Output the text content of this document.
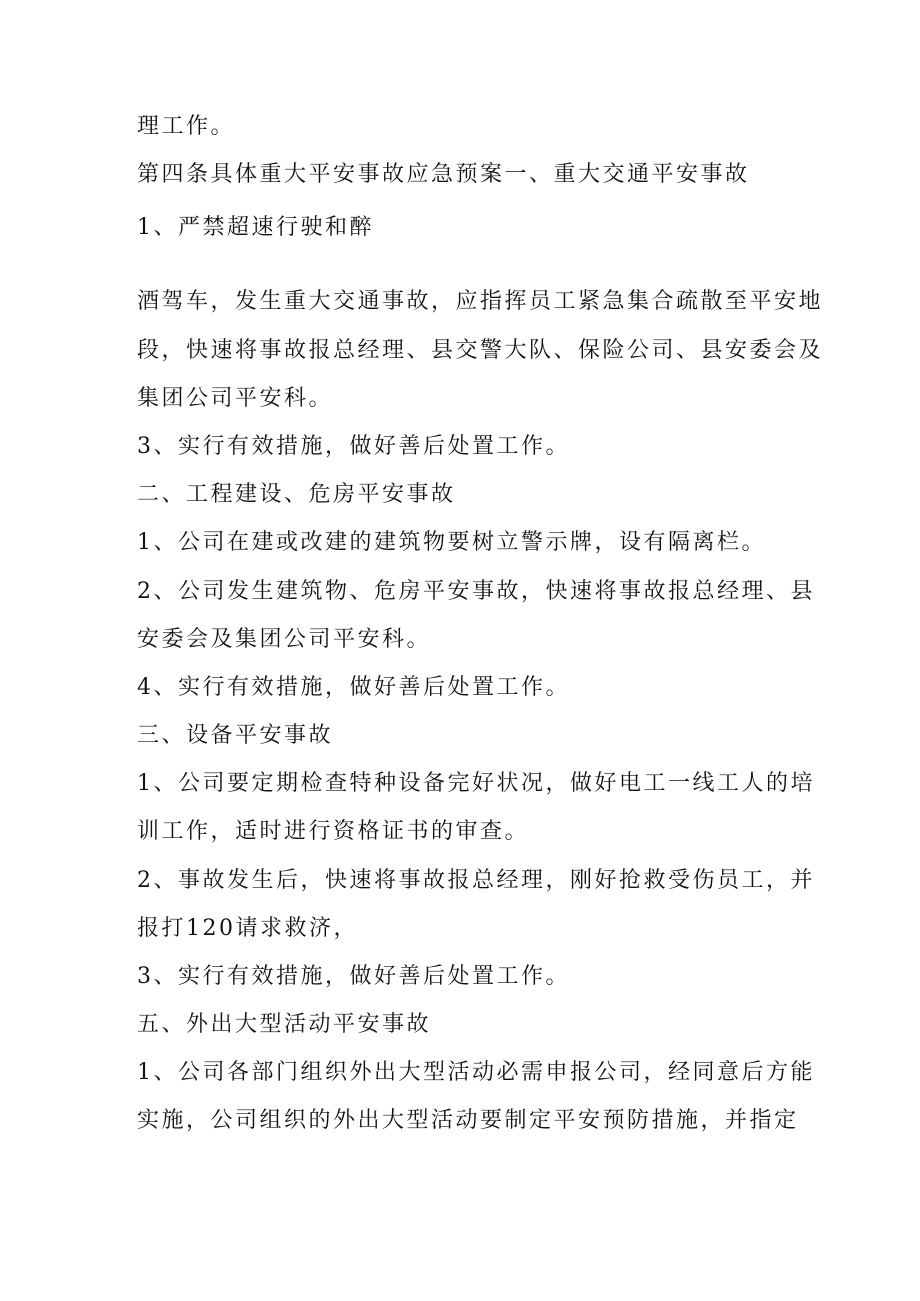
理工作。
第四条具体重大平安事故应急预案一、重大交通平安事故
1、严禁超速行驶和醉
酒驾车，发生重大交通事故，应指挥员工紧急集合疏散至平安地
段，快速将事故报总经理、县交警大队、保险公司、县安委会及
集团公司平安科。
3、实行有效措施，做好善后处置工作。
二、工程建设、危房平安事故
1、公司在建或改建的建筑物要树立警示牌，设有隔离栏。
2、公司发生建筑物、危房平安事故，快速将事故报总经理、县
安委会及集团公司平安科。
4、实行有效措施，做好善后处置工作。
三、设备平安事故
1、公司要定期检查特种设备完好状况，做好电工一线工人的培
训工作，适时进行资格证书的审查。
2、事故发生后，快速将事故报总经理，刚好抢救受伤员工，并
报打120请求救济，
3、实行有效措施，做好善后处置工作。
五、外出大型活动平安事故
1、公司各部门组织外出大型活动必需申报公司，经同意后方能
实施，公司组织的外出大型活动要制定平安预防措施，并指定
